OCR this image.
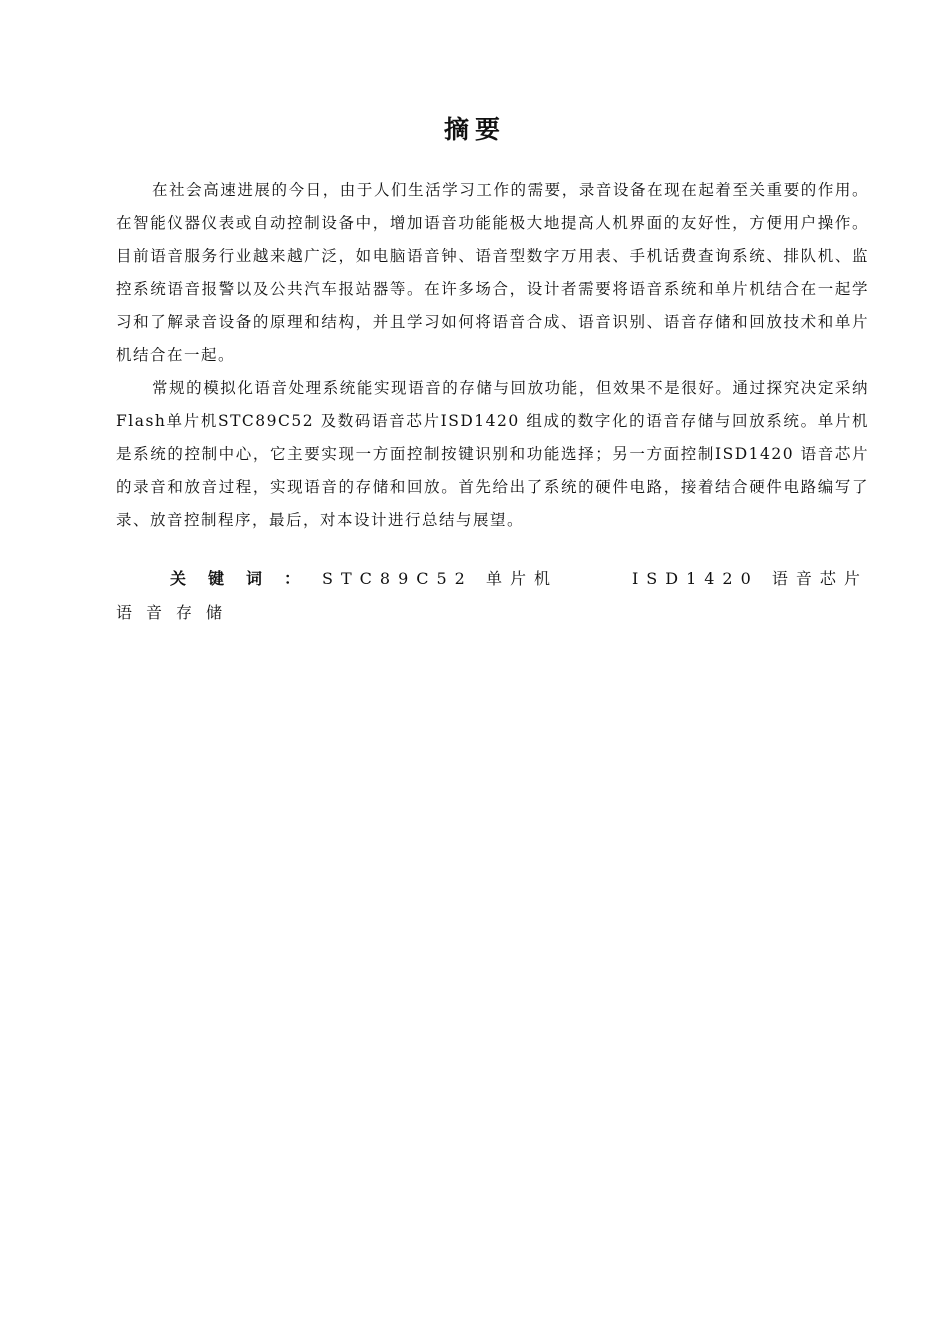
摘要

在社会高速进展的今日，由于人们生活学习工作的需要，录音设备在现在起着至关重要的作用。在智能仪器仪表或自动控制设备中，增加语音功能能极大地提高人机界面的友好性，方便用户操作。目前语音服务行业越来越广泛，如电脑语音钟、语音型数字万用表、手机话费查询系统、排队机、监控系统语音报警以及公共汽车报站器等。在许多场合，设计者需要将语音系统和单片机结合在一起学习和了解录音设备的原理和结构，并且学习如何将语音合成、语音识别、语音存储和回放技术和单片机结合在一起。

常规的模拟化语音处理系统能实现语音的存储与回放功能，但效果不是很好。通过探究决定采纳Flash单片机STC89C52 及数码语音芯片ISD1420 组成的数字化的语音存储与回放系统。单片机是系统的控制中心，它主要实现一方面控制按键识别和功能选择；另一方面控制ISD1420 语音芯片的录音和放音过程，实现语音的存储和回放。首先给出了系统的硬件电路，接着结合硬件电路编写了录、放音控制程序，最后，对本设计进行总结与展望。

关键词：STC89C52 单片机	ISD1420 语音芯片
语音存储
